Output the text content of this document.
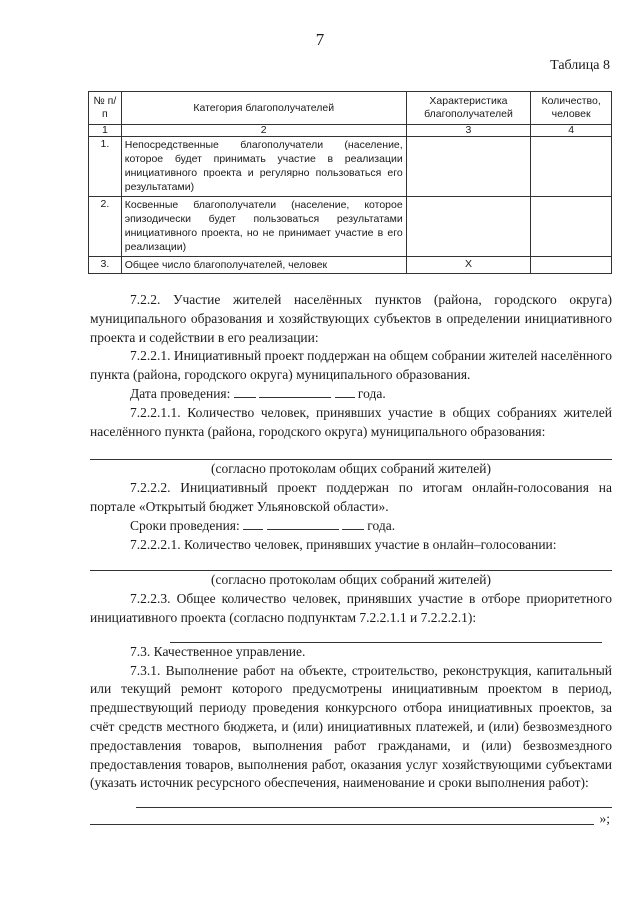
7
Таблица 8
№ п/п	Категория благополучателей	Характеристика благополучателей	Количество, человек
1	2	3	4
1.	Непосредственные благополучатели (население, которое будет принимать участие в реализации инициативного проекта и регулярно пользоваться его результатами)		
2.	Косвенные благополучатели (население, которое эпизодически будет пользоваться результатами инициативного проекта, но не принимает участие в его реализации)		
3.	Общее число благополучателей, человек	X	

7.2.2. Участие жителей населённых пунктов (района, городского округа) муниципального образования и хозяйствующих субъектов в определении инициативного проекта и содействии в его реализации:

7.2.2.1. Инициативный проект поддержан на общем собрании жителей населённого пункта (района, городского округа) муниципального образования.

Дата проведения:	года.

7.2.2.1.1. Количество человек, принявших участие в общих собраниях жителей населённого пункта (района, городского округа) муниципального образования:

(согласно протоколам общих собраний жителей)

7.2.2.2. Инициативный проект поддержан по итогам онлайн-голосования на портале «Открытый бюджет Ульяновской области».

Сроки проведения:	года.

7.2.2.2.1. Количество человек, принявших участие в онлайн–голосовании:

(согласно протоколам общих собраний жителей)

7.2.2.3. Общее количество человек, принявших участие в отборе приоритетного инициативного проекта (согласно подпунктам 7.2.2.1.1 и 7.2.2.2.1):

7.3. Качественное управление.

7.3.1. Выполнение работ на объекте, строительство, реконструкция, капитальный или текущий ремонт которого предусмотрены инициативным проектом в период, предшествующий периоду проведения конкурсного отбора инициативных проектов, за счёт средств местного бюджета, и (или) инициативных платежей, и (или) безвозмездного предоставления товаров, выполнения работ гражданами, и (или) безвозмездного предоставления товаров, выполнения работ, оказания услуг хозяйствующими субъектами (указать источник ресурсного обеспечения, наименование и сроки выполнения работ):

»;
